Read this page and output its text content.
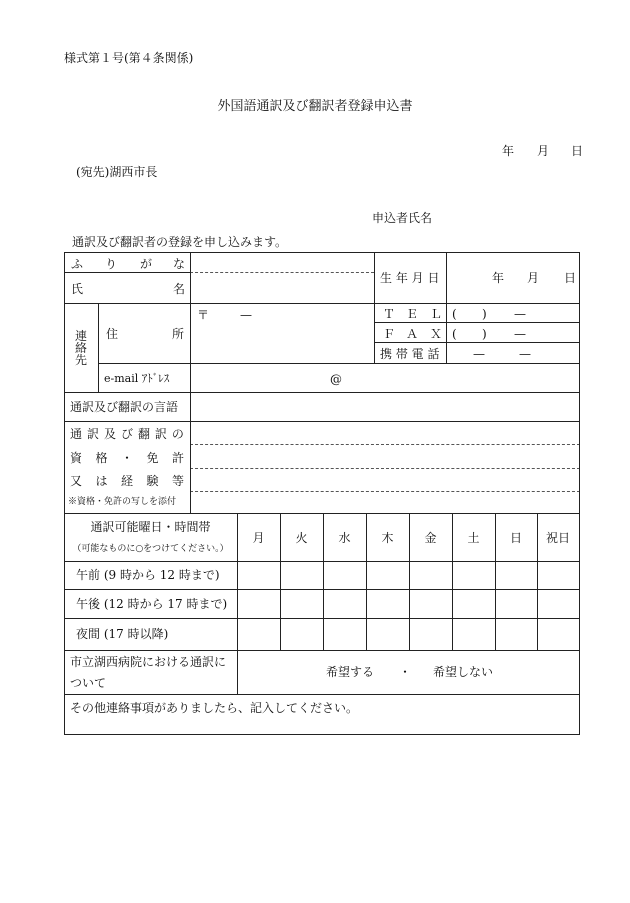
様式第１号(第４条関係)
外国語通訳及び翻訳者登録申込書
年 月 日
(宛先)湖西市長
申込者氏名
通訳及び翻訳者の登録を申し込みます。
ふ り が な
氏	名
生 年 月 日	年 月 日
連
絡
先
住	所
〒	—	Ｔ Ｅ Ｌ ( ) —
Ｆ Ａ Ｘ ( ) —
携 帯 電 話	—	—
e-mail ｱﾄﾞﾚｽ	@
通訳及び翻訳の言語
通 訳 及 び 翻 訳 の
資 格 ・ 免 許
又 は 経 験 等
※資格・免許の写しを添付
通訳可能曜日・時間帯
（可能なものに○をつけてください。）
月	火	水	木	金	土	日	祝日
午前 (9 時から 12 時まで)
午後 (12 時から 17 時まで)
夜間 (17 時以降)
市立湖西病院における通訳に
ついて
希望する ・ 希望しない
その他連絡事項がありましたら、記入してください。
